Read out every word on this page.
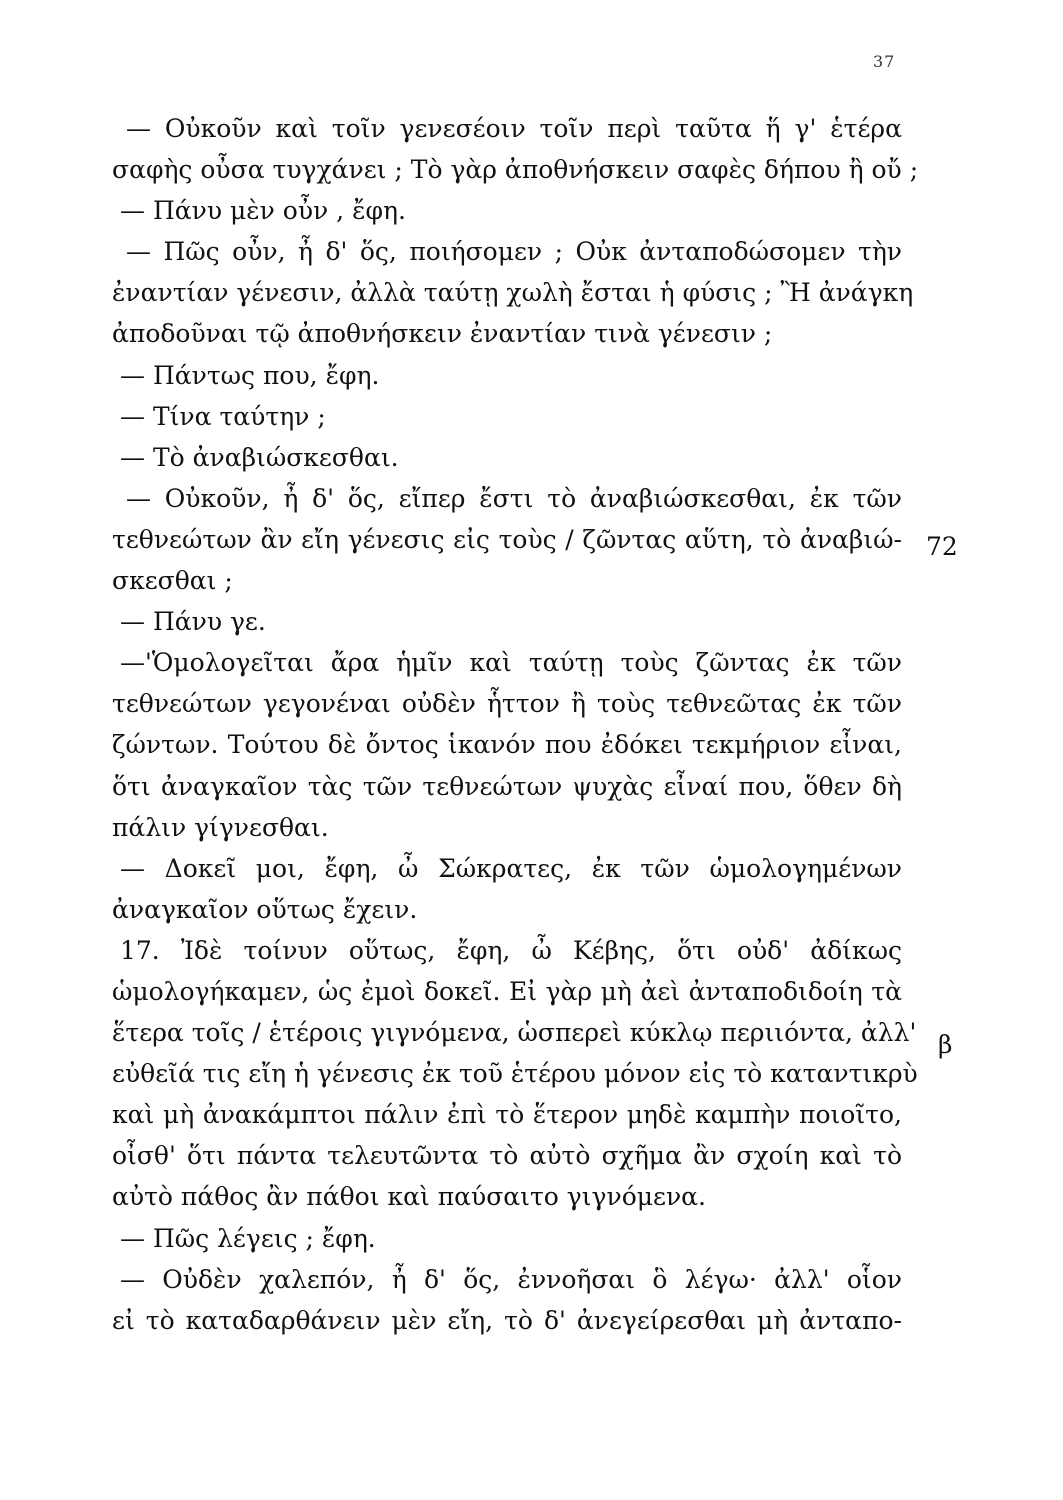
37
72
β
— Οὐκοῦν καὶ τοῖν γενεσέοιν τοῖν περὶ ταῦτα ἥ γ' ἑτέρα
σαφὴς οὖσα τυγχάνει ; Τὸ γὰρ ἀποθνήσκειν σαφὲς δήπου ἢ οὔ ;
— Πάνυ μὲν οὖν , ἔφη.
— Πῶς οὖν, ἦ δ' ὅς, ποιήσομεν ; Οὐκ ἀνταποδώσομεν τὴν
ἐναντίαν γένεσιν, ἀλλὰ ταύτῃ χωλὴ ἔσται ἡ φύσις ; Ἢ ἀνάγκη
ἀποδοῦναι τῷ ἀποθνήσκειν ἐναντίαν τινὰ γένεσιν ;
— Πάντως που, ἔφη.
— Τίνα ταύτην ;
— Τὸ ἀναβιώσκεσθαι.
— Οὐκοῦν, ἦ δ' ὅς, εἴπερ ἔστι τὸ ἀναβιώσκεσθαι, ἐκ τῶν
τεθνεώτων ἂν εἴη γένεσις εἰς τοὺς / ζῶντας αὕτη, τὸ ἀναβιώ-
σκεσθαι ;
— Πάνυ γε.
—'Ὁμολογεῖται ἄρα ἡμῖν καὶ ταύτῃ τοὺς ζῶντας ἐκ τῶν
τεθνεώτων γεγονέναι οὐδὲν ἧττον ἢ τοὺς τεθνεῶτας ἐκ τῶν
ζώντων. Τούτου δὲ ὄντος ἱκανόν που ἐδόκει τεκμήριον εἶναι,
ὅτι ἀναγκαῖον τὰς τῶν τεθνεώτων ψυχὰς εἶναί που, ὅθεν δὴ
πάλιν γίγνεσθαι.
— Δοκεῖ μοι, ἔφη, ὦ Σώκρατες, ἐκ τῶν ὡμολογημένων
ἀναγκαῖον οὕτως ἔχειν.
17. Ἰδὲ τοίνυν οὕτως, ἔφη, ὦ Κέβης, ὅτι οὐδ' ἀδίκως
ὡμολογήκαμεν, ὡς ἐμοὶ δοκεῖ. Εἰ γὰρ μὴ ἀεὶ ἀνταποδιδοίη τὰ
ἕτερα τοῖς / ἑτέροις γιγνόμενα, ὡσπερεὶ κύκλῳ περιιόντα, ἀλλ'
εὐθεῖά τις εἴη ἡ γένεσις ἐκ τοῦ ἑτέρου μόνον εἰς τὸ καταντικρὺ
καὶ μὴ ἀνακάμπτοι πάλιν ἐπὶ τὸ ἕτερον μηδὲ καμπὴν ποιοῖτο,
οἶσθ' ὅτι πάντα τελευτῶντα τὸ αὐτὸ σχῆμα ἂν σχοίη καὶ τὸ
αὐτὸ πάθος ἂν πάθοι καὶ παύσαιτο γιγνόμενα.
— Πῶς λέγεις ; ἔφη.
— Οὐδὲν χαλεπόν, ἦ δ' ὅς, ἐννοῆσαι ὃ λέγω· ἀλλ' οἷον
εἰ τὸ καταδαρθάνειν μὲν εἴη, τὸ δ' ἀνεγείρεσθαι μὴ ἀνταπο-
